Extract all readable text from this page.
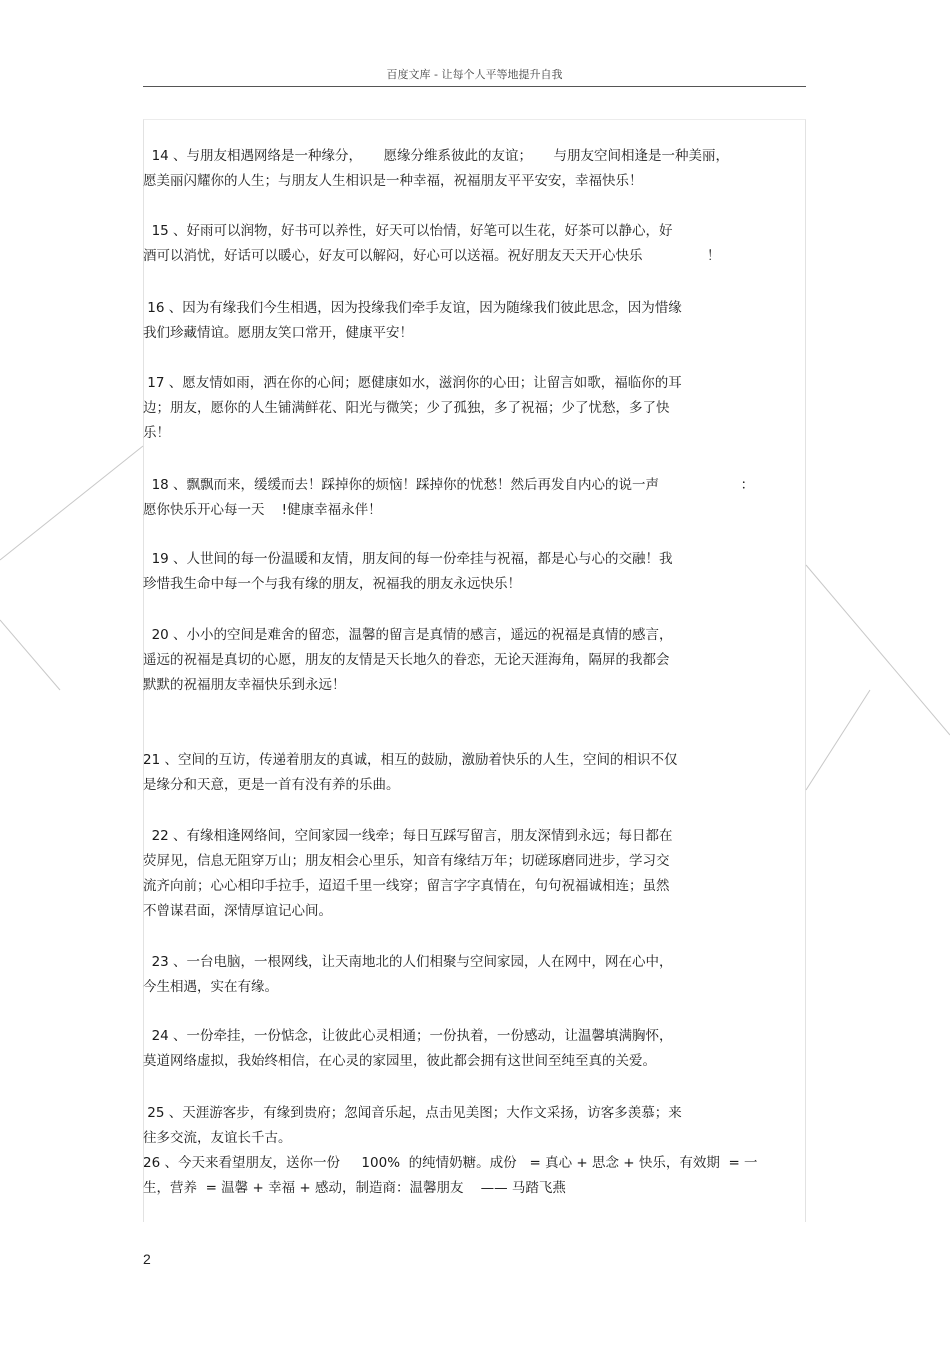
百度文库 - 让每个人平等地提升自我
14 、与朋友相遇网络是一种缘分，     愿缘分维系彼此的友谊；     与朋友空间相逢是一种美丽，
愿美丽闪耀你的人生；与朋友人生相识是一种幸福，祝福朋友平平安安，幸福快乐！
15 、好雨可以润物，好书可以养性，好天可以怡情，好笔可以生花，好茶可以静心，好
酒可以消忧，好话可以暖心，好友可以解闷，好心可以送福。祝好朋友天天开心快乐               ！
16 、因为有缘我们今生相遇，因为投缘我们牵手友谊，因为随缘我们彼此思念，因为惜缘
我们珍藏情谊。愿朋友笑口常开，健康平安！
17 、愿友情如雨，洒在你的心间；愿健康如水，滋润你的心田；让留言如歌，福临你的耳
边；朋友，愿你的人生铺满鲜花、阳光与微笑；少了孤独，多了祝福；少了忧愁，多了快
乐！
18 、飘飘而来，缓缓而去！踩掉你的烦恼！踩掉你的忧愁！然后再发自内心的说一声                   ：
愿你快乐开心每一天    !健康幸福永伴！
19 、人世间的每一份温暖和友情，朋友间的每一份牵挂与祝福，都是心与心的交融！我
珍惜我生命中每一个与我有缘的朋友，祝福我的朋友永远快乐！
20 、小小的空间是难舍的留恋，温馨的留言是真情的感言，遥远的祝福是真情的感言，
遥远的祝福是真切的心愿，朋友的友情是天长地久的眷恋，无论天涯海角，隔屏的我都会
默默的祝福朋友幸福快乐到永远！
21 、空间的互访，传递着朋友的真诚，相互的鼓励，激励着快乐的人生，空间的相识不仅
是缘分和天意，更是一首有没有养的乐曲。
22 、有缘相逢网络间，空间家园一线牵；每日互踩写留言，朋友深情到永远；每日都在
荧屏见，信息无阻穿万山；朋友相会心里乐，知音有缘结万年；切磋琢磨同进步，学习交
流齐向前；心心相印手拉手，迢迢千里一线穿；留言字字真情在，句句祝福诚相连；虽然
不曾谋君面，深情厚谊记心间。
23 、一台电脑，一根网线，让天南地北的人们相聚与空间家园，人在网中，网在心中，
今生相遇，实在有缘。
24 、一份牵挂，一份惦念，让彼此心灵相通；一份执着，一份感动，让温馨填满胸怀，
莫道网络虚拟，我始终相信，在心灵的家园里，彼此都会拥有这世间至纯至真的关爱。
25 、天涯游客步，有缘到贵府；忽闻音乐起，点击见美图；大作文采扬，访客多羡慕；来
往多交流，友谊长千古。
26 、今天来看望朋友，送你一份     100%  的纯情奶糖。成份   = 真心 + 思念 + 快乐，有效期  = 一
生，营养  = 温馨 + 幸福 + 感动，制造商：温馨朋友    —— 马踏飞燕
2
